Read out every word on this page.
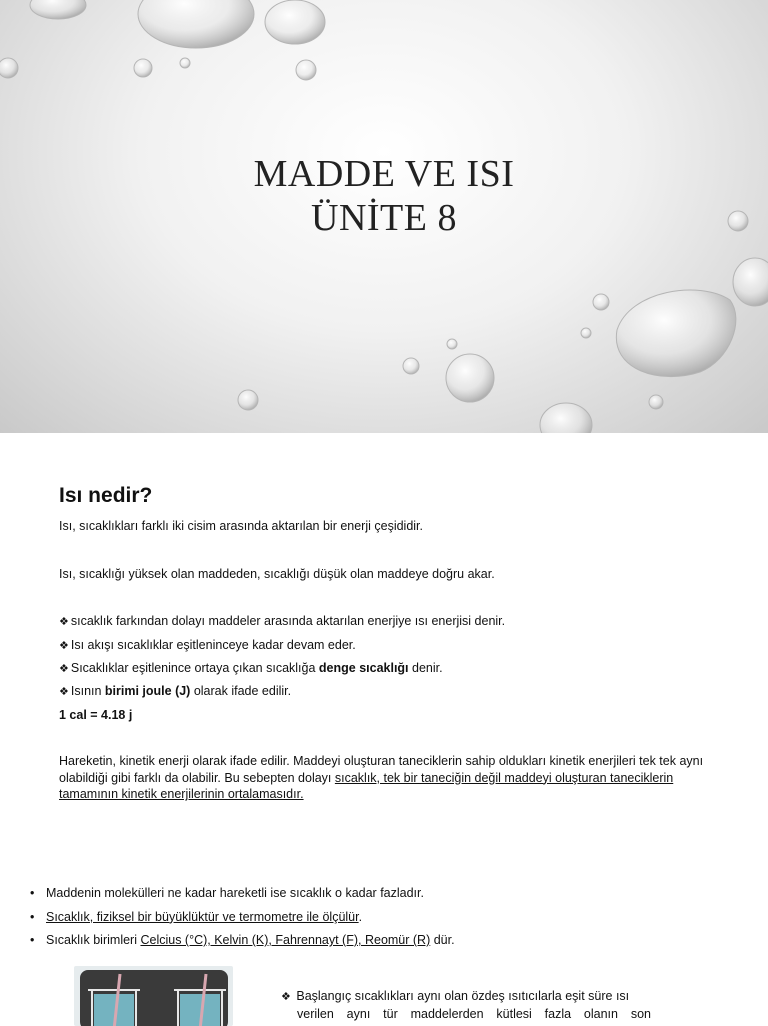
MADDE VE ISI
ÜNİTE 8
Isı nedir?
Isı, sıcaklıkları farklı iki cisim arasında aktarılan bir enerji çeşididir.
Isı, sıcaklığı yüksek olan maddeden, sıcaklığı düşük olan maddeye doğru akar.
❖ sıcaklık farkından dolayı maddeler arasında aktarılan enerjiye ısı enerjisi denir.
❖ Isı akışı sıcaklıklar eşitleninceye kadar devam eder.
❖ Sıcaklıklar eşitlenince ortaya çıkan sıcaklığa denge sıcaklığı denir.
❖ Isının birimi joule (J) olarak ifade edilir.
1 cal = 4.18 j
Hareketin, kinetik enerji olarak ifade edilir. Maddeyi oluşturan taneciklerin sahip oldukları kinetik enerjileri tek tek aynı olabildiği gibi farklı da olabilir. Bu sebepten dolayı sıcaklık, tek bir taneciğin değil maddeyi oluşturan taneciklerin tamamının kinetik enerjilerinin ortalamasıdır.
• Maddenin molekülleri ne kadar hareketli ise sıcaklık o kadar fazladır.
• Sıcaklık, fiziksel bir büyüklüktür ve termometre ile ölçülür.
• Sıcaklık birimleri Celcius (°C), Kelvin (K), Fahrennayt (F), Reomür (R) dür.
❖ Başlangıç sıcaklıkları aynı olan özdeş ısıtıcılarla eşit süre ısı
verilen aynı tür maddelerden kütlesi fazla olanın son
